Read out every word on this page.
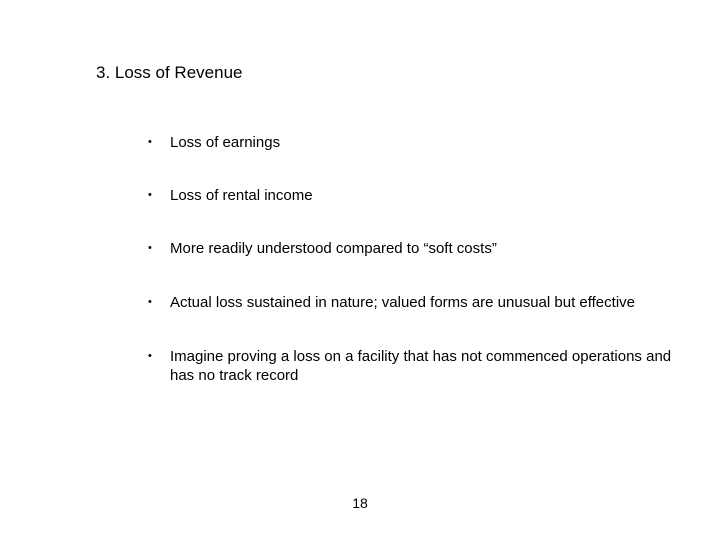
3. Loss of Revenue
•	Loss of earnings
•	Loss of rental income
•	More readily understood compared to “soft costs”
•	Actual loss sustained in nature; valued forms are unusual but effective
•	Imagine proving a loss on a facility that has not commenced operations and has no track record
18
